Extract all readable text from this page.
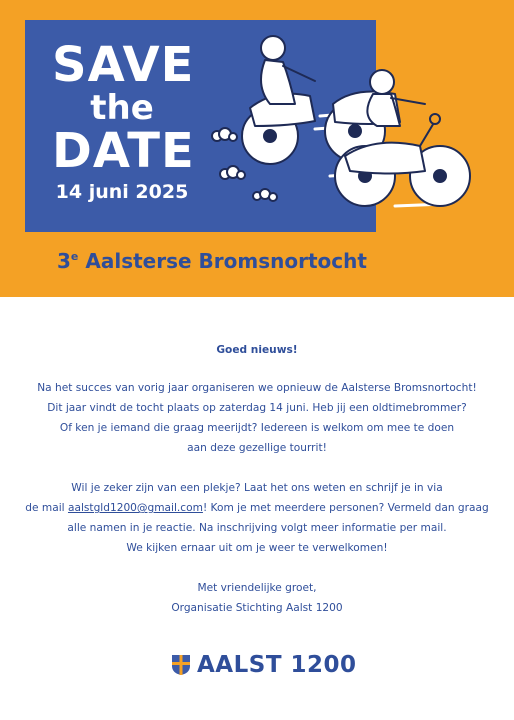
SAVE
the
DATE
14 juni 2025
3e Aalsterse Bromsnortocht
Goed nieuws!
Na het succes van vorig jaar organiseren we opnieuw de Aalsterse Bromsnortocht!
Dit jaar vindt de tocht plaats op zaterdag 14 juni. Heb jij een oldtimebrommer?
Of ken je iemand die graag meerijdt? Iedereen is welkom om mee te doen
aan deze gezellige tourrit!
Wil je zeker zijn van een plekje? Laat het ons weten en schrijf je in via
de mail aalstgld1200@gmail.com! Kom je met meerdere personen? Vermeld dan graag
alle namen in je reactie. Na inschrijving volgt meer informatie per mail.
We kijken ernaar uit om je weer te verwelkomen!
Met vriendelijke groet,
Organisatie Stichting Aalst 1200
AALST 1200
